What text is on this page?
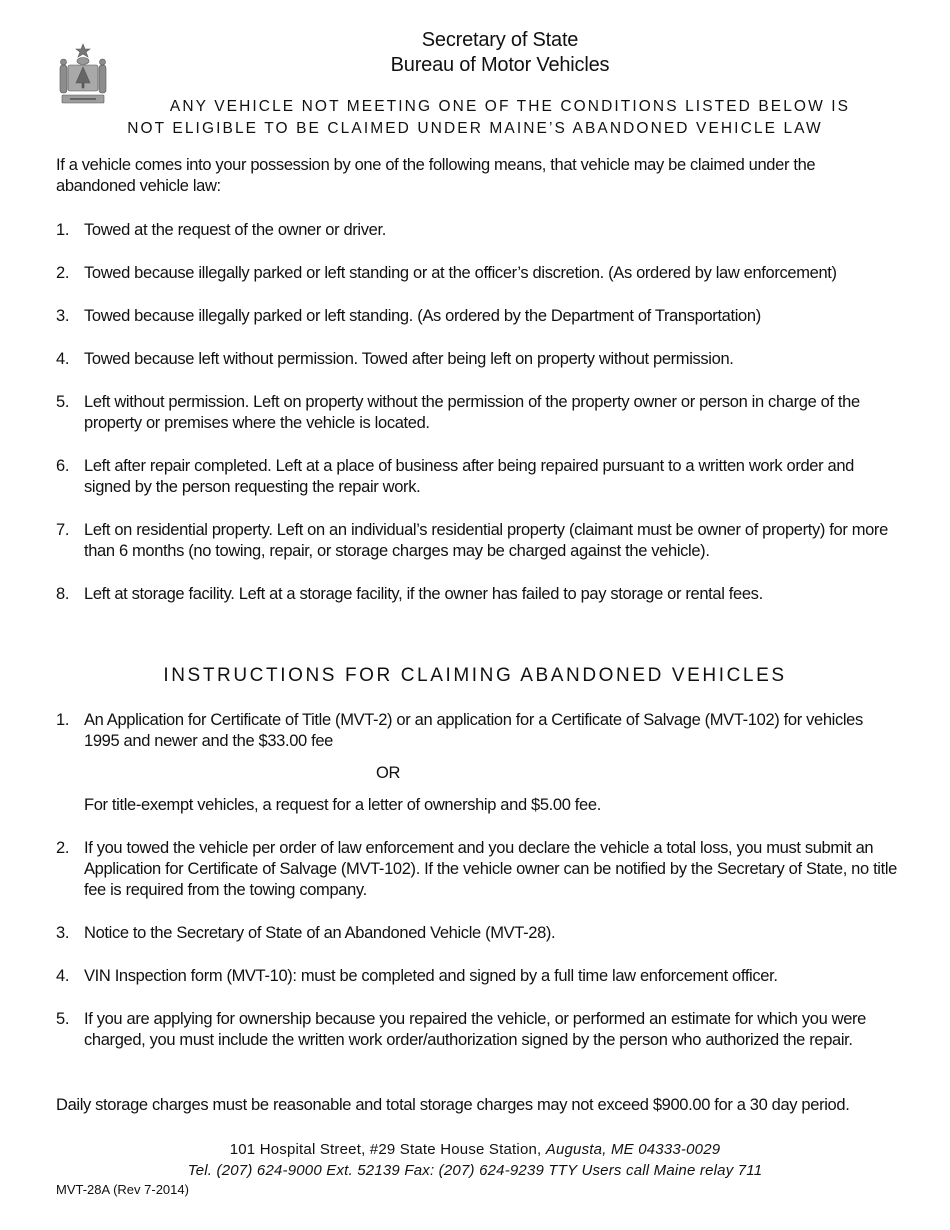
Secretary of State
Bureau of Motor Vehicles
ANY VEHICLE NOT MEETING ONE OF THE CONDITIONS LISTED BELOW IS
NOT ELIGIBLE TO BE CLAIMED UNDER MAINE’S ABANDONED VEHICLE LAW
If a vehicle comes into your possession by one of the following means, that vehicle may be claimed under the abandoned vehicle law:
1. Towed at the request of the owner or driver.
2. Towed because illegally parked or left standing or at the officer’s discretion. (As ordered by law enforcement)
3. Towed because illegally parked or left standing. (As ordered by the Department of Transportation)
4. Towed because left without permission. Towed after being left on property without permission.
5. Left without permission. Left on property without the permission of the property owner or person in charge of the property or premises where the vehicle is located.
6. Left after repair completed. Left at a place of business after being repaired pursuant to a written work order and signed by the person requesting the repair work.
7. Left on residential property. Left on an individual’s residential property (claimant must be owner of property) for more than 6 months (no towing, repair, or storage charges may be charged against the vehicle).
8. Left at storage facility. Left at a storage facility, if the owner has failed to pay storage or rental fees.
INSTRUCTIONS FOR CLAIMING ABANDONED VEHICLES
1. An Application for Certificate of Title (MVT-2) or an application for a Certificate of Salvage (MVT-102) for vehicles 1995 and newer and the $33.00 fee
OR
For title-exempt vehicles, a request for a letter of ownership and $5.00 fee.
2. If you towed the vehicle per order of law enforcement and you declare the vehicle a total loss, you must submit an Application for Certificate of Salvage (MVT-102). If the vehicle owner can be notified by the Secretary of State, no title fee is required from the towing company.
3. Notice to the Secretary of State of an Abandoned Vehicle (MVT-28).
4. VIN Inspection form (MVT-10): must be completed and signed by a full time law enforcement officer.
5. If you are applying for ownership because you repaired the vehicle, or performed an estimate for which you were charged, you must include the written work order/authorization signed by the person who authorized the repair.
Daily storage charges must be reasonable and total storage charges may not exceed $900.00 for a 30 day period.
101 Hospital Street, #29 State House Station, Augusta, ME 04333-0029
Tel. (207) 624-9000 Ext. 52139 Fax: (207) 624-9239 TTY Users call Maine relay 711
MVT-28A (Rev 7-2014)
